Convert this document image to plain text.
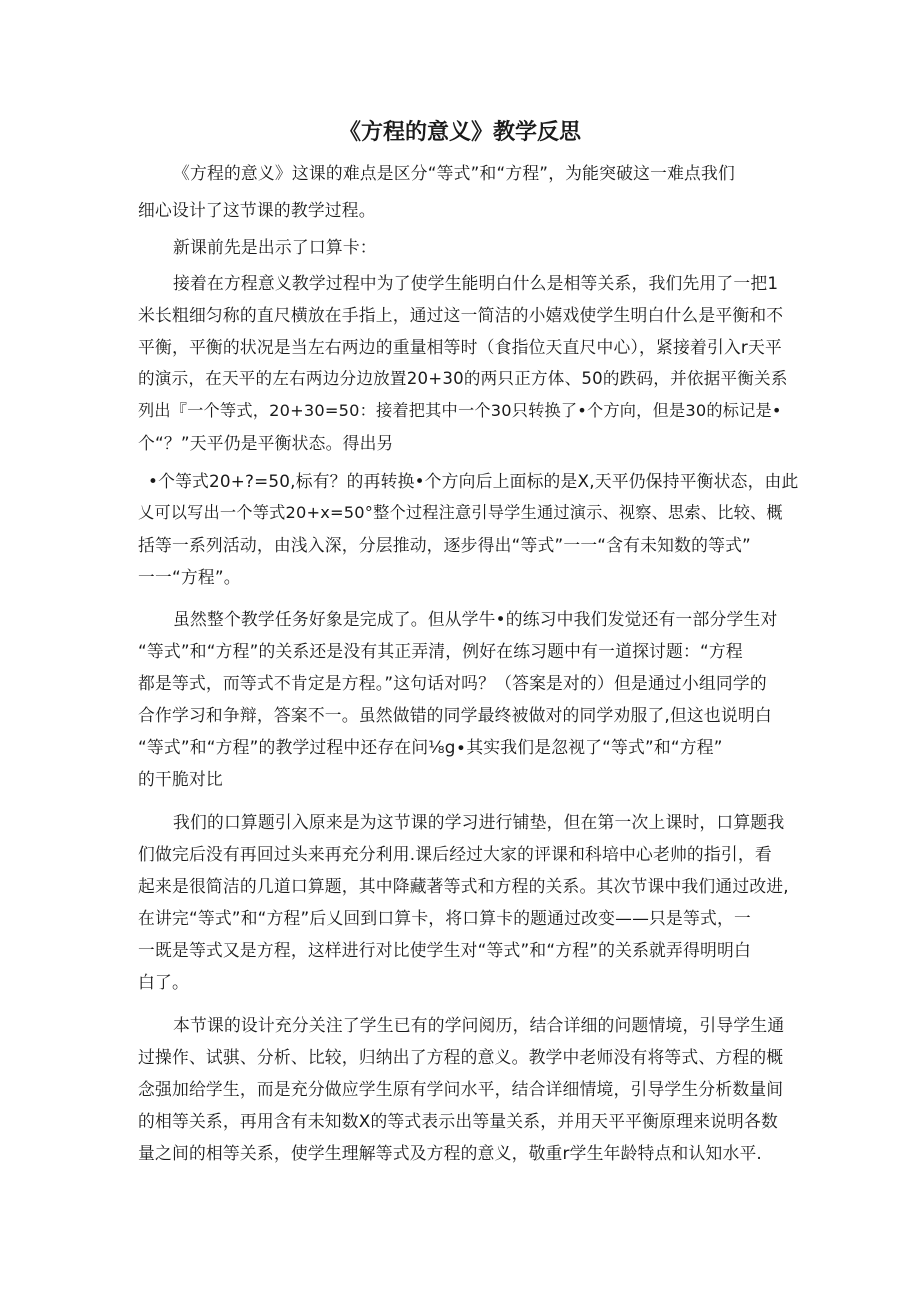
《方程的意义》教学反思
《方程的意义》这课的难点是区分“等式”和“方程”，为能突破这一难点我们
细心设计了这节课的教学过程。
新课前先是出示了口算卡：
接着在方程意义教学过程中为了使学生能明白什么是相等关系，我们先用了一把1
米长粗细匀称的直尺横放在手指上，通过这一简洁的小嬉戏使学生明白什么是平衡和不
平衡，平衡的状况是当左右两边的重量相等时（食指位天直尺中心），紧接着引入r天平
的演示，在天平的左右两边分边放置20+30的两只正方体、50的跌码，并依据平衡关系
列出『一个等式，20+30=50：接着把其中一个30只转换了•个方向，但是30的标记是•
个“？”天平仍是平衡状态。得出另
•个等式20+?=50,标有？的再转换•个方向后上面标的是X,天平仍保持平衡状态，由此
乂可以写出一个等式20+x=50°整个过程注意引导学生通过演示、视察、思索、比较、概
括等一系列活动，由浅入深，分层推动，逐步得出“等式”一一“含有未知数的等式”
一一“方程”。
虽然整个教学任务好象是完成了。但从学牛•的练习中我们发觉还有一部分学生对
“等式”和“方程”的关系还是没有其正弄清，例好在练习题中有一道探讨题：“方程
都是等式，而等式不肯定是方程。”这句话对吗？（答案是对的）但是通过小组同学的
合作学习和争辩，答案不一。虽然做错的同学最终被做对的同学劝服了,但这也说明白
“等式”和“方程”的教学过程中还存在问⅛g∙其实我们是忽视了“等式”和“方程”
的干脆对比
我们的口算题引入原来是为这节课的学习进行铺垫，但在第一次上课时，口算题我
们做完后没有再回过头来再充分利用.课后经过大家的评课和科培中心老帅的指引，看
起来是很简洁的几道口算题，其中降藏著等式和方程的关系。其次节课中我们通过改进,
在讲完“等式”和“方程”后乂回到口算卡，将口算卡的题通过改变——只是等式，一
一既是等式又是方程，这样进行对比使学生对“等式”和“方程”的关系就弄得明明白
白了。
本节课的设计充分关注了学生已有的学问阅历，结合详细的问题情境，引导学生通
过操作、试骐、分析、比较，归纳出了方程的意义。教学中老师没有将等式、方程的概
念强加给学生，而是充分做应学生原有学问水平，结合详细情境，引导学生分析数量间
的相等关系，再用含有未知数X的等式表示出等量关系，并用天平平衡原理来说明各数
量之间的相等关系，使学生理解等式及方程的意义，敬重r学生年龄特点和认知水平.
